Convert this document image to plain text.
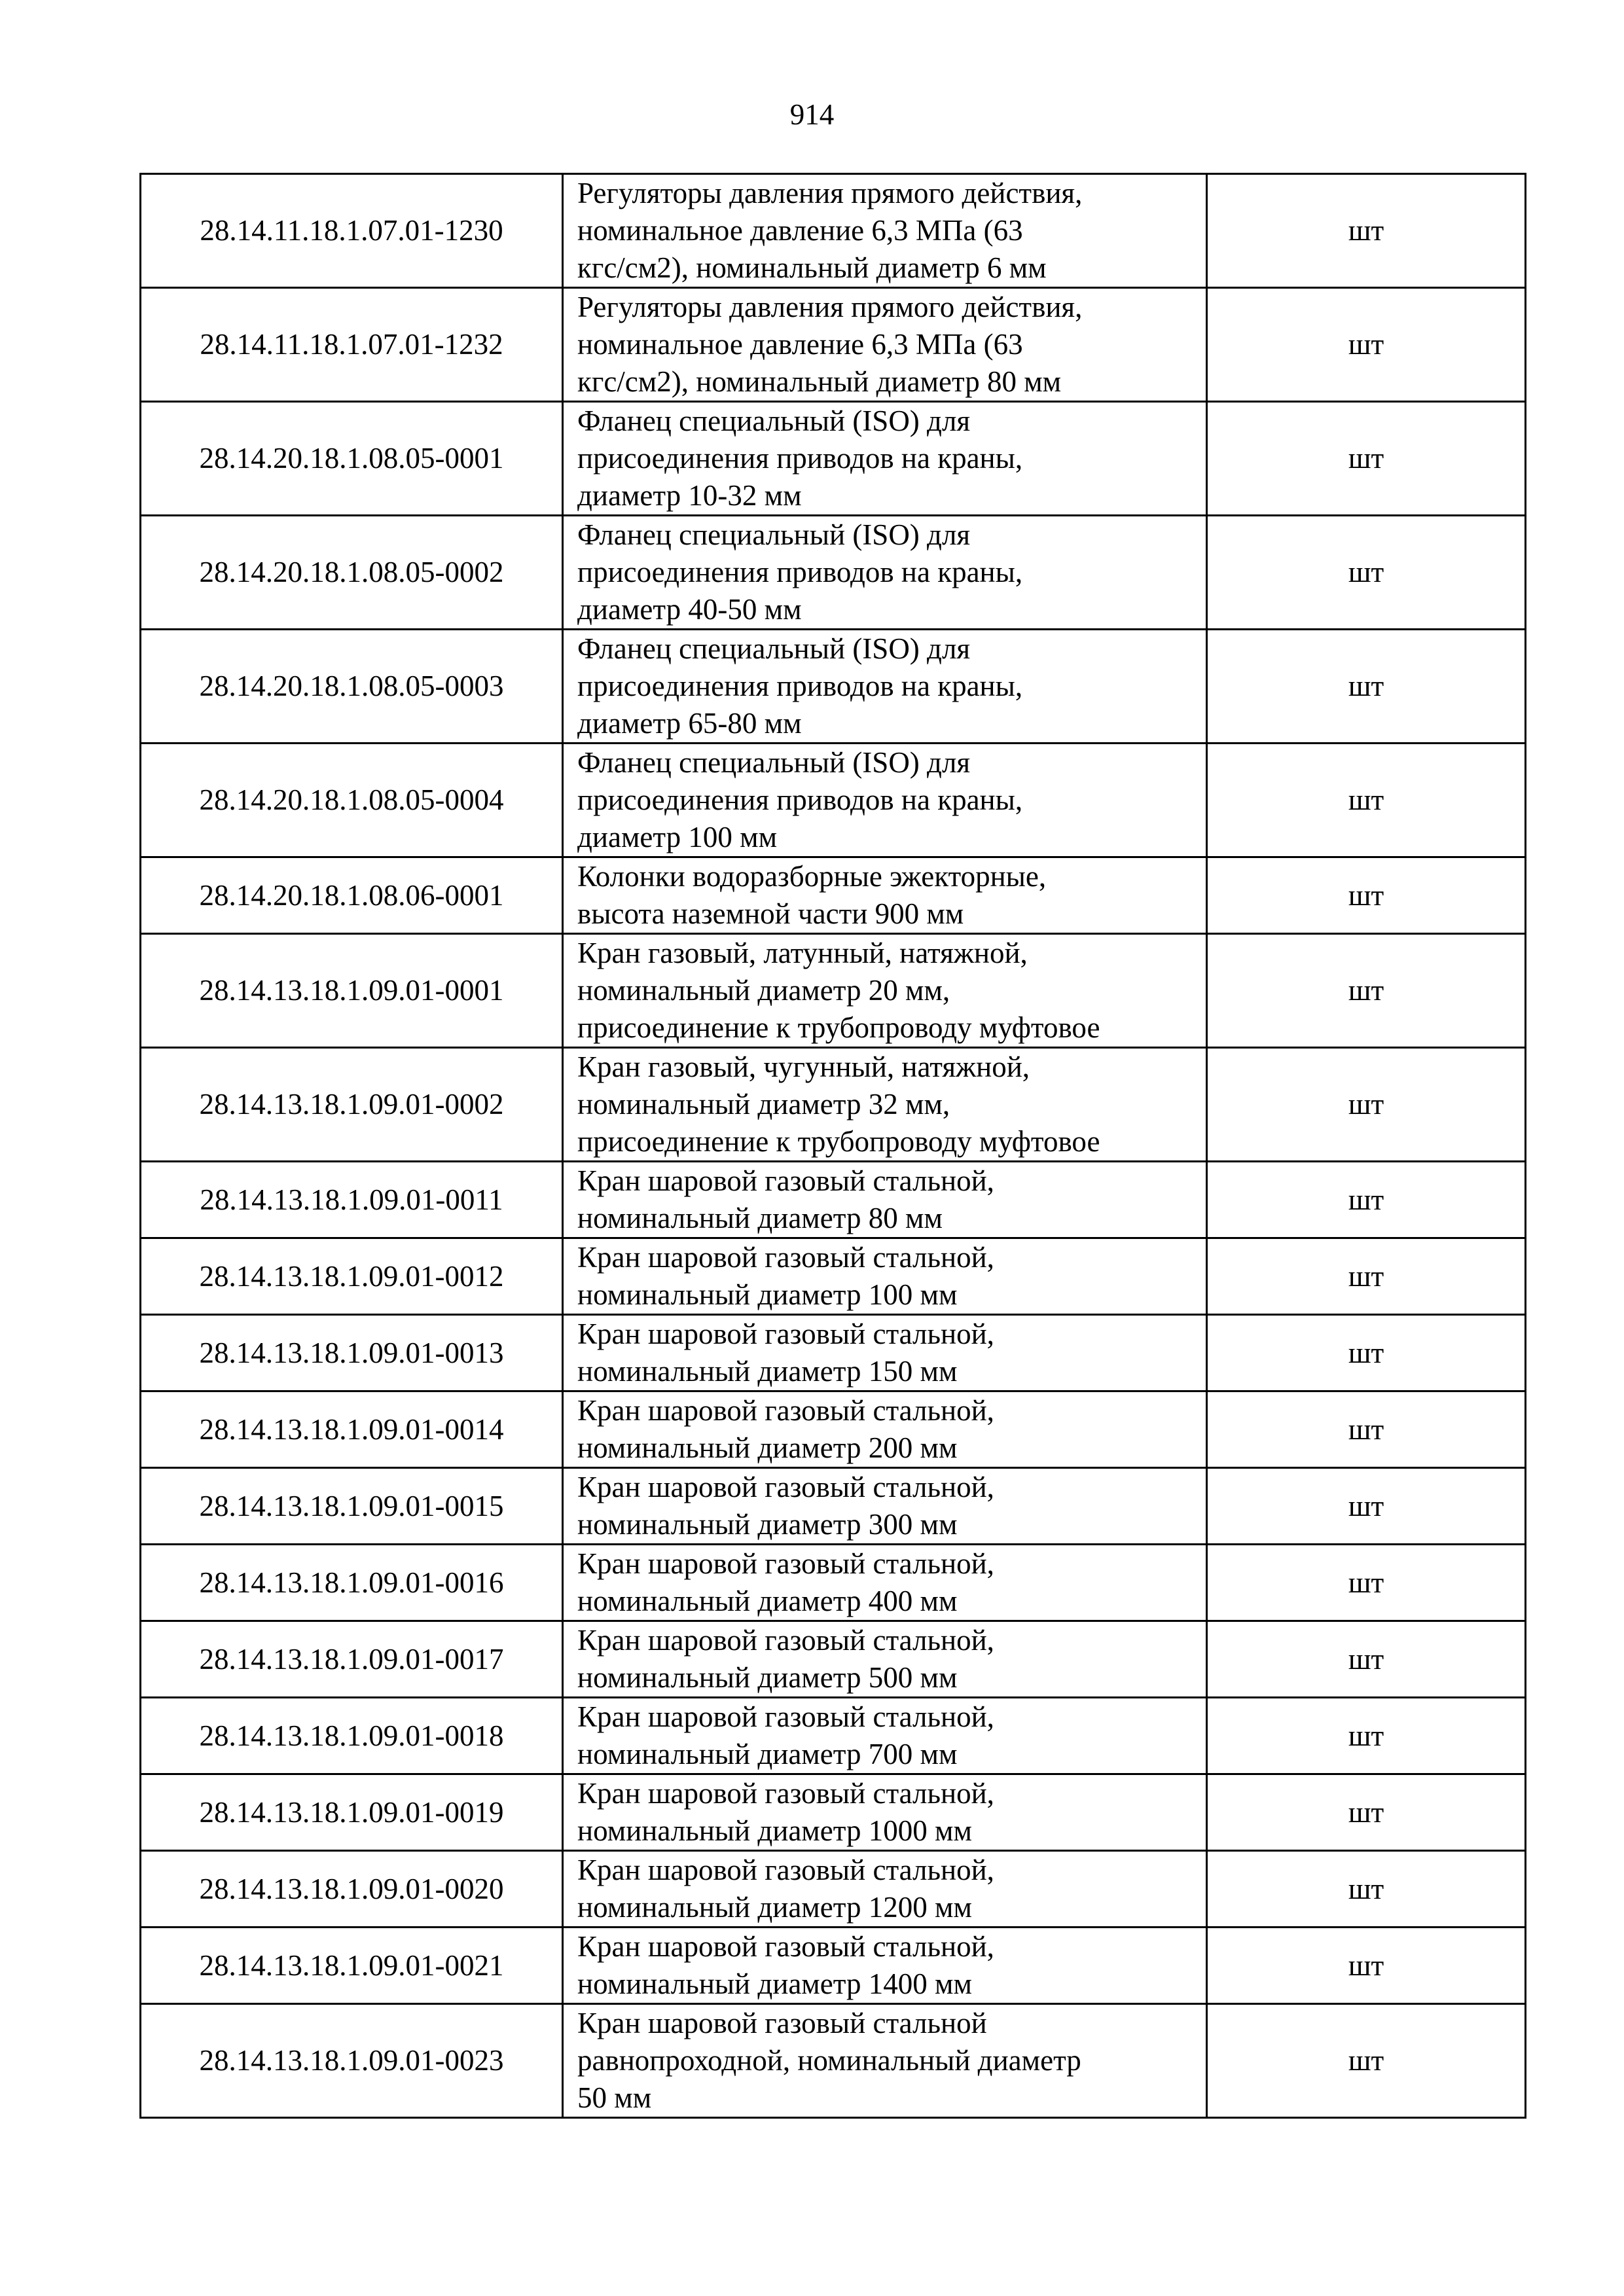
914
28.14.11.18.1.07.01-1230	Регуляторы давления прямого действия,
номинальное давление 6,3 МПа (63
кгс/см2), номинальный диаметр 6 мм	шт
28.14.11.18.1.07.01-1232	Регуляторы давления прямого действия,
номинальное давление 6,3 МПа (63
кгс/см2), номинальный диаметр 80 мм	шт
28.14.20.18.1.08.05-0001	Фланец специальный (ISO) для
присоединения приводов на краны,
диаметр 10-32 мм	шт
28.14.20.18.1.08.05-0002	Фланец специальный (ISO) для
присоединения приводов на краны,
диаметр 40-50 мм	шт
28.14.20.18.1.08.05-0003	Фланец специальный (ISO) для
присоединения приводов на краны,
диаметр 65-80 мм	шт
28.14.20.18.1.08.05-0004	Фланец специальный (ISO) для
присоединения приводов на краны,
диаметр 100 мм	шт
28.14.20.18.1.08.06-0001	Колонки водоразборные эжекторные,
высота наземной части 900 мм	шт
28.14.13.18.1.09.01-0001	Кран газовый, латунный, натяжной,
номинальный диаметр 20 мм,
присоединение к трубопроводу муфтовое	шт
28.14.13.18.1.09.01-0002	Кран газовый, чугунный, натяжной,
номинальный диаметр 32 мм,
присоединение к трубопроводу муфтовое	шт
28.14.13.18.1.09.01-0011	Кран шаровой газовый стальной,
номинальный диаметр 80 мм	шт
28.14.13.18.1.09.01-0012	Кран шаровой газовый стальной,
номинальный диаметр 100 мм	шт
28.14.13.18.1.09.01-0013	Кран шаровой газовый стальной,
номинальный диаметр 150 мм	шт
28.14.13.18.1.09.01-0014	Кран шаровой газовый стальной,
номинальный диаметр 200 мм	шт
28.14.13.18.1.09.01-0015	Кран шаровой газовый стальной,
номинальный диаметр 300 мм	шт
28.14.13.18.1.09.01-0016	Кран шаровой газовый стальной,
номинальный диаметр 400 мм	шт
28.14.13.18.1.09.01-0017	Кран шаровой газовый стальной,
номинальный диаметр 500 мм	шт
28.14.13.18.1.09.01-0018	Кран шаровой газовый стальной,
номинальный диаметр 700 мм	шт
28.14.13.18.1.09.01-0019	Кран шаровой газовый стальной,
номинальный диаметр 1000 мм	шт
28.14.13.18.1.09.01-0020	Кран шаровой газовый стальной,
номинальный диаметр 1200 мм	шт
28.14.13.18.1.09.01-0021	Кран шаровой газовый стальной,
номинальный диаметр 1400 мм	шт
28.14.13.18.1.09.01-0023	Кран шаровой газовый стальной
равнопроходной, номинальный диаметр
50 мм	шт
